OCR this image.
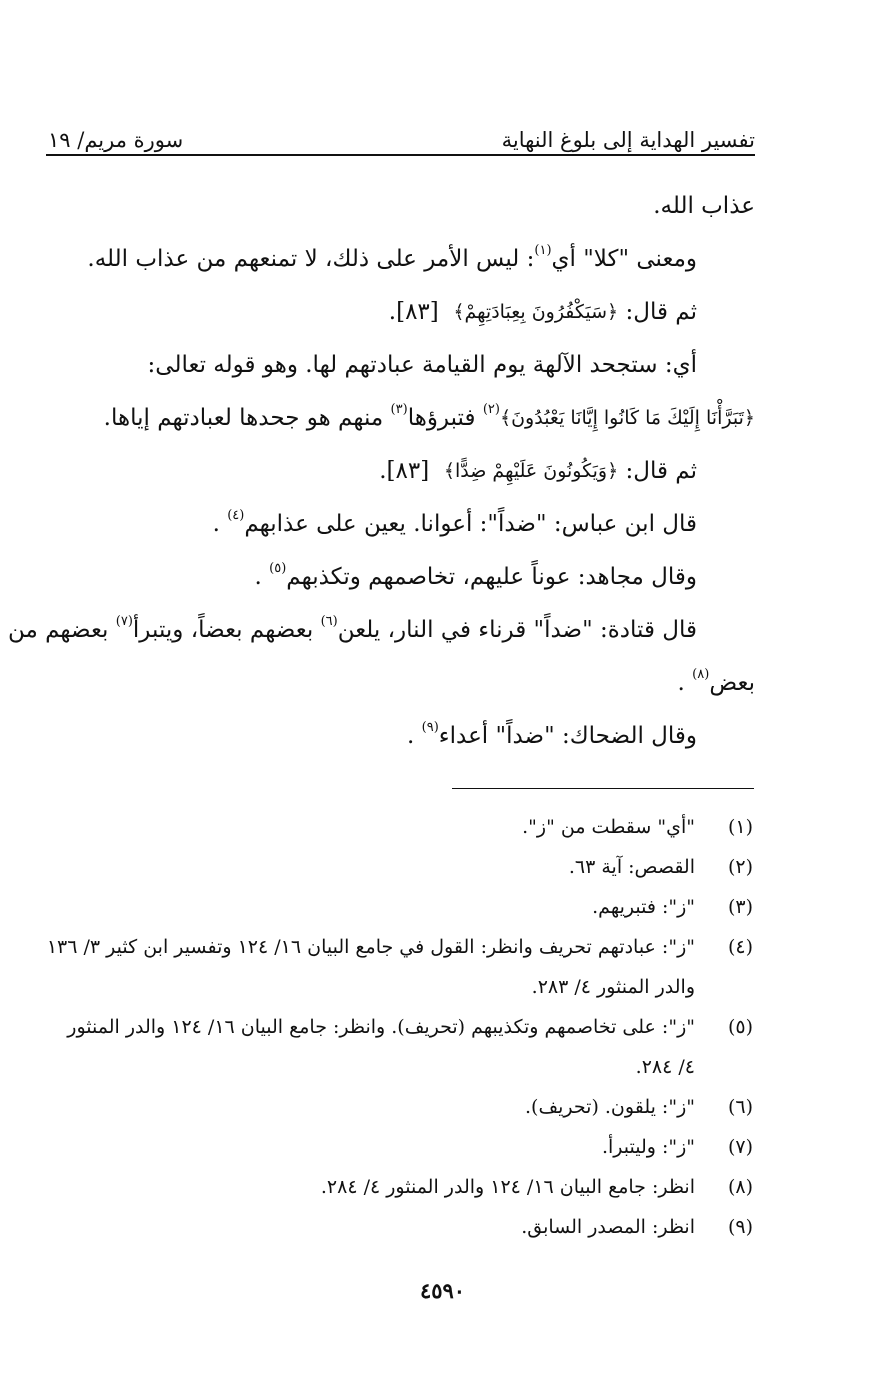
تفسير الهداية إلى بلوغ النهاية
سورة مريم/ ١٩
عذاب الله.
ومعنى "كلا" أي
(١)
: ليس الأمر على ذلك، لا تمنعهم من عذاب الله.
ثم قال:

﴿سَيَكْفُرُونَ بِعِبَادَتِهِمْ﴾

[٨٣].
أي: ستجحد الآلهة يوم القيامة عبادتهم لها. وهو قوله تعالى:
﴿تَبَرَّأْنَا إِلَيْكَ مَا كَانُوا إِيَّانَا يَعْبُدُونَ﴾
(٢)

فتبرؤها
(٣)

منهم هو جحدها لعبادتهم إياها.
ثم قال:

﴿وَيَكُونُونَ عَلَيْهِمْ ضِدًّا﴾

[٨٣].
قال ابن عباس: "ضداً": أعوانا. يعين على عذابهم
(٤)

.
وقال مجاهد: عوناً عليهم، تخاصمهم وتكذبهم
(٥)

.
قال قتادة: "ضداً" قرناء في النار، يلعن
(٦)

بعضهم بعضاً، ويتبرأ
(٧)

بعضهم من
بعض
(٨)

.
وقال الضحاك: "ضداً" أعداء
(٩)

.
(١)
"أي" سقطت من "ز".
(٢)
القصص: آية ٦٣.
(٣)
"ز": فتبريهم.
(٤)
"ز": عبادتهم تحريف وانظر: القول في جامع البيان ١٦/ ١٢٤ وتفسير ابن كثير ٣/ ١٣٦
والدر المنثور ٤/ ٢٨٣.
(٥)
"ز": على تخاصمهم وتكذيبهم (تحريف). وانظر: جامع البيان ١٦/ ١٢٤ والدر المنثور
٤/ ٢٨٤.
(٦)
"ز": يلقون. (تحريف).
(٧)
"ز": وليتبرأ.
(٨)
انظر: جامع البيان ١٦/ ١٢٤ والدر المنثور ٤/ ٢٨٤.
(٩)
انظر: المصدر السابق.
٤٥٩٠
